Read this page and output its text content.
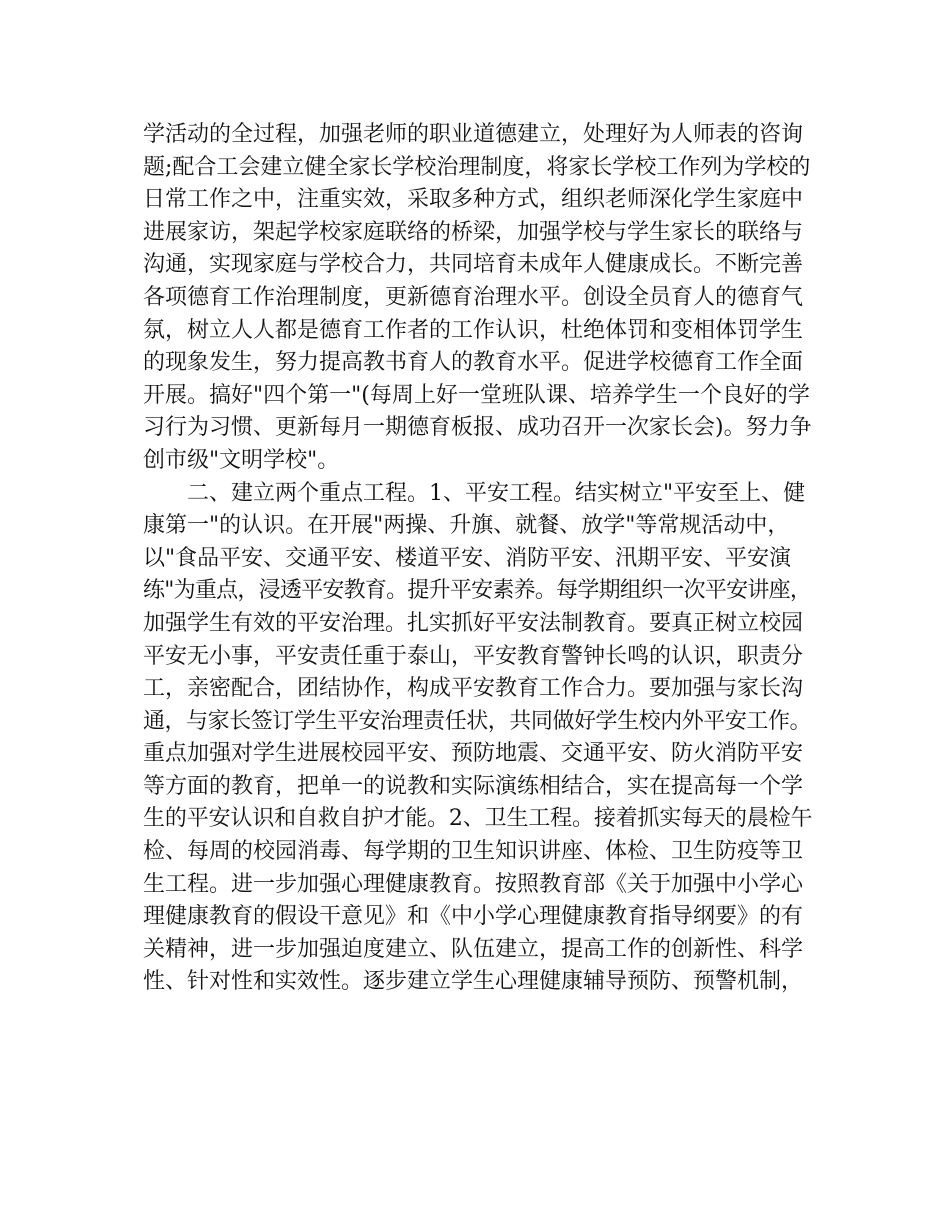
学活动的全过程，加强老师的职业道德建立，处理好为人师表的咨询
题;配合工会建立健全家长学校治理制度，将家长学校工作列为学校的
日常工作之中，注重实效，采取多种方式，组织老师深化学生家庭中
进展家访，架起学校家庭联络的桥梁，加强学校与学生家长的联络与
沟通，实现家庭与学校合力，共同培育未成年人健康成长。不断完善
各项德育工作治理制度，更新德育治理水平。创设全员育人的德育气
氛，树立人人都是德育工作者的工作认识，杜绝体罚和变相体罚学生
的现象发生，努力提高教书育人的教育水平。促进学校德育工作全面
开展。搞好"四个第一"(每周上好一堂班队课、培养学生一个良好的学
习行为习惯、更新每月一期德育板报、成功召开一次家长会)。努力争
创市级"文明学校"。
二、建立两个重点工程。1、平安工程。结实树立"平安至上、健
康第一"的认识。在开展"两操、升旗、就餐、放学"等常规活动中，
以"食品平安、交通平安、楼道平安、消防平安、汛期平安、平安演
练"为重点，浸透平安教育。提升平安素养。每学期组织一次平安讲座，
加强学生有效的平安治理。扎实抓好平安法制教育。要真正树立校园
平安无小事，平安责任重于泰山，平安教育警钟长鸣的认识，职责分
工，亲密配合，团结协作，构成平安教育工作合力。要加强与家长沟
通，与家长签订学生平安治理责任状，共同做好学生校内外平安工作。
重点加强对学生进展校园平安、预防地震、交通平安、防火消防平安
等方面的教育，把单一的说教和实际演练相结合，实在提高每一个学
生的平安认识和自救自护才能。2、卫生工程。接着抓实每天的晨检午
检、每周的校园消毒、每学期的卫生知识讲座、体检、卫生防疫等卫
生工程。进一步加强心理健康教育。按照教育部《关于加强中小学心
理健康教育的假设干意见》和《中小学心理健康教育指导纲要》的有
关精神，进一步加强迫度建立、队伍建立，提高工作的创新性、科学
性、针对性和实效性。逐步建立学生心理健康辅导预防、预警机制，
